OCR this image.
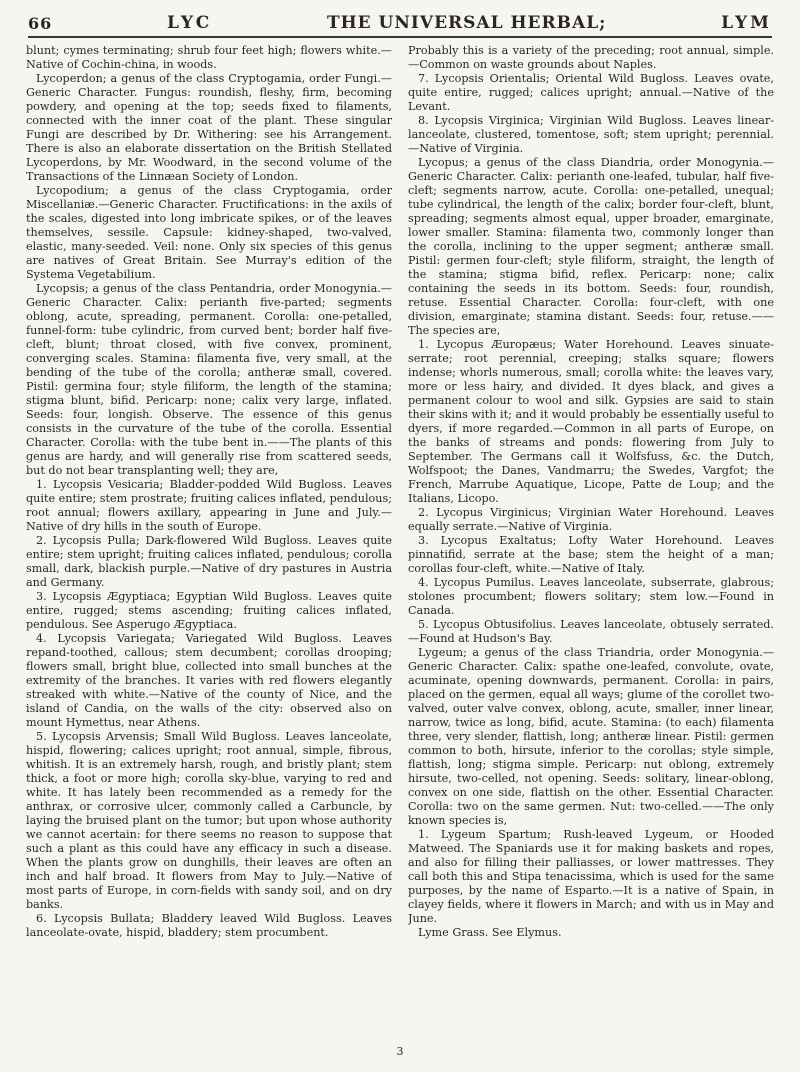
66	LYC	THE UNIVERSAL HERBAL;	LYM

blunt; cymes terminating; shrub four feet high; flowers white.—Native of Cochin-china, in woods.

Lycoperdon; a genus of the class Cryptogamia, order Fungi.—Generic Character. Fungus: roundish, fleshy, firm, becoming powdery, and opening at the top; seeds fixed to filaments, connected with the inner coat of the plant. These singular Fungi are described by Dr. Withering: see his Arrangement. There is also an elaborate dissertation on the British Stellated Lycoperdons, by Mr. Woodward, in the second volume of the Transactions of the Linnæan Society of London.

Lycopodium; a genus of the class Cryptogamia, order Miscellaniæ.—Generic Character. Fructifications: in the axils of the scales, digested into long imbricate spikes, or of the leaves themselves, sessile. Capsule: kidney-shaped, two-valved, elastic, many-seeded. Veil: none. Only six species of this genus are natives of Great Britain. See Murray's edition of the Systema Vegetabilium.

Lycopsis; a genus of the class Pentandria, order Monogynia.—Generic Character. Calix: perianth five-parted; segments oblong, acute, spreading, permanent. Corolla: one-petalled, funnel-form: tube cylindric, from curved bent; border half five-cleft, blunt; throat closed, with five convex, prominent, converging scales. Stamina: filamenta five, very small, at the bending of the tube of the corolla; antheræ small, covered. Pistil: germina four; style filiform, the length of the stamina; stigma blunt, bifid. Pericarp: none; calix very large, inflated. Seeds: four, longish. Observe. The essence of this genus consists in the curvature of the tube of the corolla. Essential Character. Corolla: with the tube bent in.——The plants of this genus are hardy, and will generally rise from scattered seeds, but do not bear transplanting well; they are,

1. Lycopsis Vesicaria; Bladder-podded Wild Bugloss. Leaves quite entire; stem prostrate; fruiting calices inflated, pendulous; root annual; flowers axillary, appearing in June and July.—Native of dry hills in the south of Europe.

2. Lycopsis Pulla; Dark-flowered Wild Bugloss. Leaves quite entire; stem upright; fruiting calices inflated, pendulous; corolla small, dark, blackish purple.—Native of dry pastures in Austria and Germany.

3. Lycopsis Ægyptiaca; Egyptian Wild Bugloss. Leaves quite entire, rugged; stems ascending; fruiting calices inflated, pendulous. See Asperugo Ægyptiaca.

4. Lycopsis Variegata; Variegated Wild Bugloss. Leaves repand-toothed, callous; stem decumbent; corollas drooping; flowers small, bright blue, collected into small bunches at the extremity of the branches. It varies with red flowers elegantly streaked with white.—Native of the county of Nice, and the island of Candia, on the walls of the city: observed also on mount Hymettus, near Athens.

5. Lycopsis Arvensis; Small Wild Bugloss. Leaves lanceolate, hispid, flowering; calices upright; root annual, simple, fibrous, whitish. It is an extremely harsh, rough, and bristly plant; stem thick, a foot or more high; corolla sky-blue, varying to red and white. It has lately been recommended as a remedy for the anthrax, or corrosive ulcer, commonly called a Carbuncle, by laying the bruised plant on the tumor; but upon whose authority we cannot acertain: for there seems no reason to suppose that such a plant as this could have any efficacy in such a disease. When the plants grow on dunghills, their leaves are often an inch and half broad. It flowers from May to July.—Native of most parts of Europe, in corn-fields with sandy soil, and on dry banks.

6. Lycopsis Bullata; Bladdery leaved Wild Bugloss. Leaves lanceolate-ovate, hispid, bladdery; stem procumbent.

Probably this is a variety of the preceding; root annual, simple.—Common on waste grounds about Naples.

7. Lycopsis Orientalis; Oriental Wild Bugloss. Leaves ovate, quite entire, rugged; calices upright; annual.—Native of the Levant.

8. Lycopsis Virginica; Virginian Wild Bugloss. Leaves linear-lanceolate, clustered, tomentose, soft; stem upright; perennial.—Native of Virginia.

Lycopus; a genus of the class Diandria, order Monogynia.—Generic Character. Calix: perianth one-leafed, tubular, half five-cleft; segments narrow, acute. Corolla: one-petalled, unequal; tube cylindrical, the length of the calix; border four-cleft, blunt, spreading; segments almost equal, upper broader, emarginate, lower smaller. Stamina: filamenta two, commonly longer than the corolla, inclining to the upper segment; antheræ small. Pistil: germen four-cleft; style filiform, straight, the length of the stamina; stigma bifid, reflex. Pericarp: none; calix containing the seeds in its bottom. Seeds: four, roundish, retuse. Essential Character. Corolla: four-cleft, with one division, emarginate; stamina distant. Seeds: four, retuse.——The species are,

1. Lycopus Æuropæus; Water Horehound. Leaves sinuate-serrate; root perennial, creeping; stalks square; flowers indense; whorls numerous, small; corolla white: the leaves vary, more or less hairy, and divided. It dyes black, and gives a permanent colour to wool and silk. Gypsies are said to stain their skins with it; and it would probably be essentially useful to dyers, if more regarded.—Common in all parts of Europe, on the banks of streams and ponds: flowering from July to September. The Germans call it Wolfsfuss, &c. the Dutch, Wolfspoot; the Danes, Vandmarru; the Swedes, Vargfot; the French, Marrube Aquatique, Licope, Patte de Loup; and the Italians, Licopo.

2. Lycopus Virginicus; Virginian Water Horehound. Leaves equally serrate.—Native of Virginia.

3. Lycopus Exaltatus; Lofty Water Horehound. Leaves pinnatifid, serrate at the base; stem the height of a man; corollas four-cleft, white.—Native of Italy.

4. Lycopus Pumilus. Leaves lanceolate, subserrate, glabrous; stolones procumbent; flowers solitary; stem low.—Found in Canada.

5. Lycopus Obtusifolius. Leaves lanceolate, obtusely serrated.—Found at Hudson's Bay.

Lygeum; a genus of the class Triandria, order Monogynia.—Generic Character. Calix: spathe one-leafed, convolute, ovate, acuminate, opening downwards, permanent. Corolla: in pairs, placed on the germen, equal all ways; glume of the corollet two-valved, outer valve convex, oblong, acute, smaller, inner linear, narrow, twice as long, bifid, acute. Stamina: (to each) filamenta three, very slender, flattish, long; antheræ linear. Pistil: germen common to both, hirsute, inferior to the corollas; style simple, flattish, long; stigma simple. Pericarp: nut oblong, extremely hirsute, two-celled, not opening. Seeds: solitary, linear-oblong, convex on one side, flattish on the other. Essential Character. Corolla: two on the same germen. Nut: two-celled.——The only known species is,

1. Lygeum Spartum; Rush-leaved Lygeum, or Hooded Matweed. The Spaniards use it for making baskets and ropes, and also for filling their palliasses, or lower mattresses. They call both this and Stipa tenacissima, which is used for the same purposes, by the name of Esparto.—It is a native of Spain, in clayey fields, where it flowers in March; and with us in May and June.

Lyme Grass. See Elymus.

3
